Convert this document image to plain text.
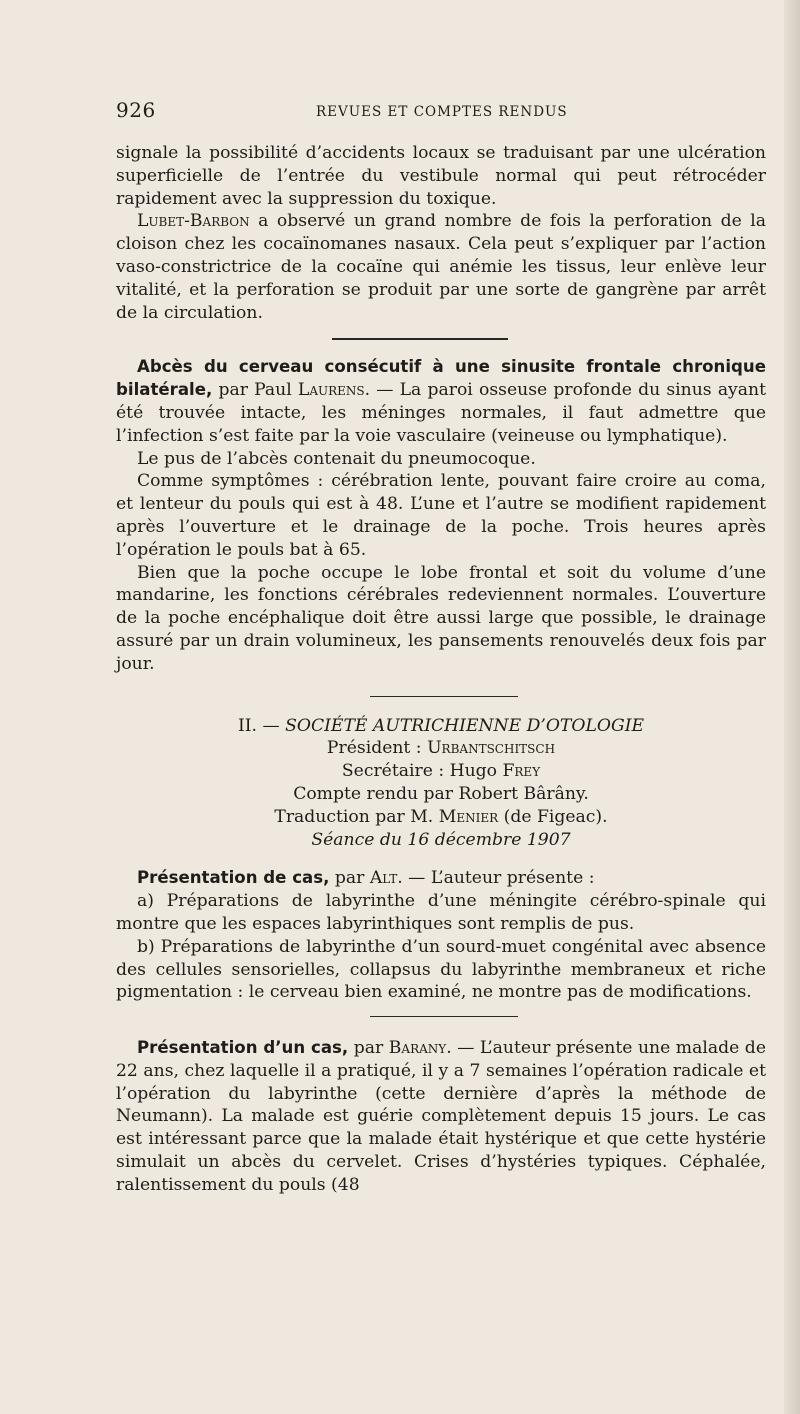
926	REVUES ET COMPTES RENDUS

signale la possibilité d’accidents locaux se traduisant par une ulcération superficielle de l’entrée du vestibule normal qui peut rétrocéder rapidement avec la suppression du toxique.

Lubet-Barbon a observé un grand nombre de fois la perforation de la cloison chez les cocaïnomanes nasaux. Cela peut s’expliquer par l’action vaso-constrictrice de la cocaïne qui anémie les tissus, leur enlève leur vitalité, et la perforation se produit par une sorte de gangrène par arrêt de la circulation.

Abcès du cerveau consécutif à une sinusite frontale chronique bilatérale, par Paul Laurens. — La paroi osseuse profonde du sinus ayant été trouvée intacte, les méninges normales, il faut admettre que l’infection s’est faite par la voie vasculaire (veineuse ou lymphatique).

Le pus de l’abcès contenait du pneumocoque.

Comme symptômes : cérébration lente, pouvant faire croire au coma, et lenteur du pouls qui est à 48. L’une et l’autre se modifient rapidement après l’ouverture et le drainage de la poche. Trois heures après l’opération le pouls bat à 65.

Bien que la poche occupe le lobe frontal et soit du volume d’une mandarine, les fonctions cérébrales redeviennent normales. L’ouverture de la poche encéphalique doit être aussi large que possible, le drainage assuré par un drain volumineux, les pansements renouvelés deux fois par jour.

II. — SOCIÉTÉ AUTRICHIENNE D’OTOLOGIE
Président : Urbantschitsch
Secrétaire : Hugo Frey
Compte rendu par Robert Bârâny.
Traduction par M. Menier (de Figeac).
Séance du 16 décembre 1907

Présentation de cas, par Alt. — L’auteur présente :

a) Préparations de labyrinthe d’une méningite cérébro-spinale qui montre que les espaces labyrinthiques sont remplis de pus.

b) Préparations de labyrinthe d’un sourd-muet congénital avec absence des cellules sensorielles, collapsus du labyrinthe membraneux et riche pigmentation : le cerveau bien examiné, ne montre pas de modifications.

Présentation d’un cas, par Barany. — L’auteur présente une malade de 22 ans, chez laquelle il a pratiqué, il y a 7 semaines l’opération radicale et l’opération du labyrinthe (cette dernière d’après la méthode de Neumann). La malade est guérie complètement depuis 15 jours. Le cas est intéressant parce que la malade était hystérique et que cette hystérie simulait un abcès du cervelet. Crises d’hystéries typiques. Céphalée, ralentissement du pouls (48
